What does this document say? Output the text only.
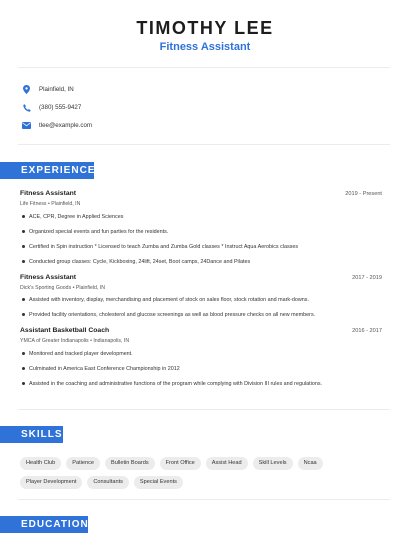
TIMOTHY LEE
Fitness Assistant
Plainfield, IN
(380) 555-9427
tlee@example.com
EXPERIENCE
Fitness Assistant	2019 - Present
Life Fitness • Plainfield, IN
ACE, CPR, Degree in Applied Sciences
Organized special events and fun parties for the residents.
Certified in Spin instruction * Licensed to teach Zumba and Zumba Gold classes * Instruct Aqua Aerobics classes
Conducted group classes: Cycle, Kickboxing, 24lift, 24set, Boot camps, 24Dance and Pilates
Fitness Assistant	2017 - 2019
Dick's Sporting Goods • Plainfield, IN
Assisted with inventory, display, merchandising and placement of stock on sales floor, stock rotation and mark-downs.
Provided facility orientations, cholesterol and glucose screenings as well as blood pressure checks on all new members.
Assistant Basketball Coach	2016 - 2017
YMCA of Greater Indianapolis • Indianapolis, IN
Monitored and tracked player development.
Culminated in America East Conference Championship in 2012
Assisted in the coaching and administrative functions of the program while complying with Division III rules and regulations.
SKILLS
Health Club	Patience	Bulletin Boards	Front Office	Assist Head	Skill Levels	Ncaa
Player Development	Consultants	Special Events
EDUCATION
